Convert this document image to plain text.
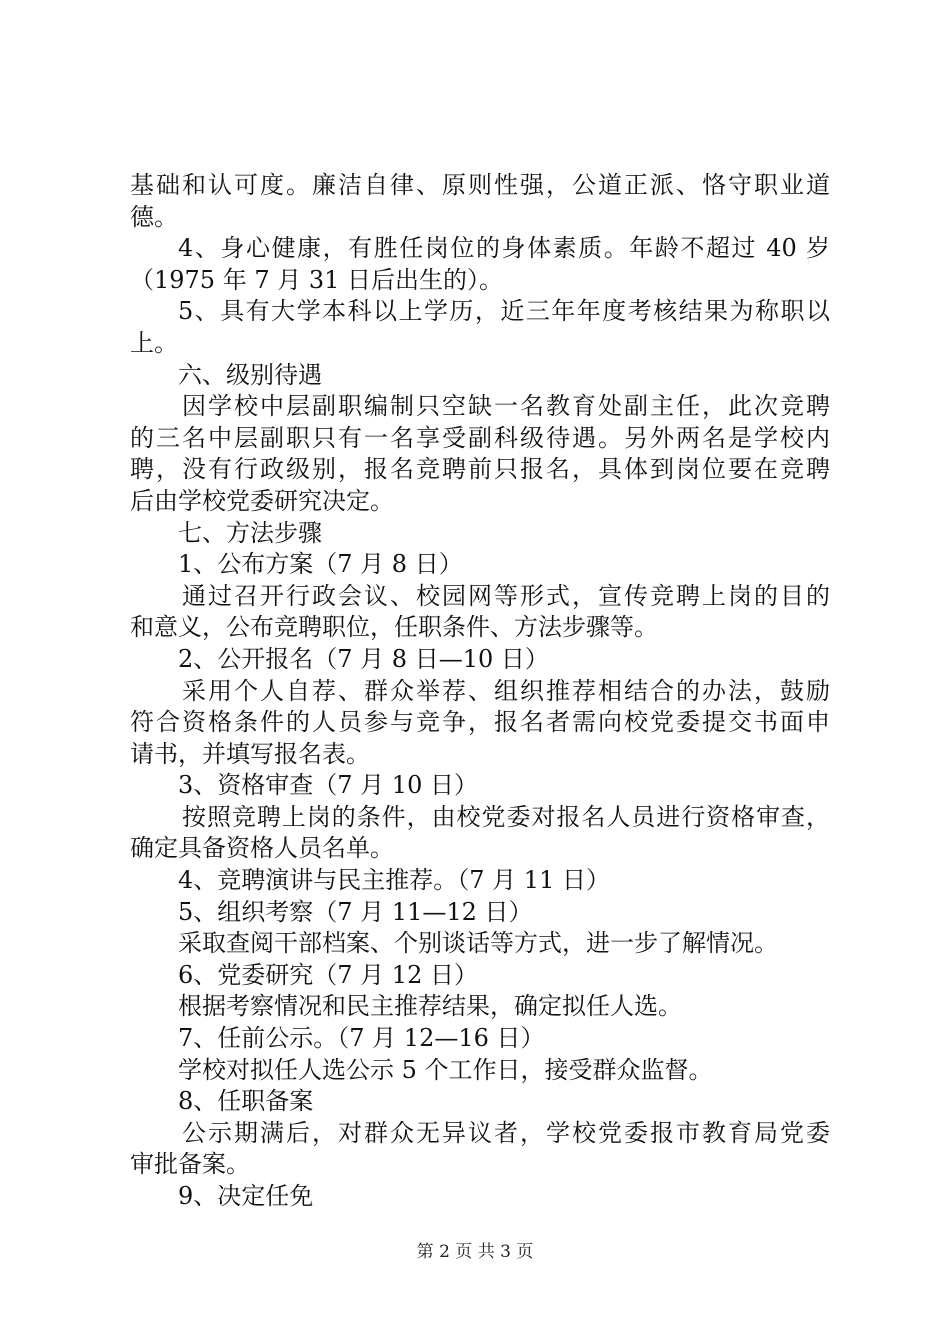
基础和认可度。廉洁自律、原则性强，公道正派、恪守职业道
德。
4、身心健康，有胜任岗位的身体素质。年龄不超过 40 岁
（1975 年 7 月 31 日后出生的）。
5、具有大学本科以上学历，近三年年度考核结果为称职以
上。
六、级别待遇
因学校中层副职编制只空缺一名教育处副主任，此次竞聘
的三名中层副职只有一名享受副科级待遇。另外两名是学校内
聘，没有行政级别，报名竞聘前只报名，具体到岗位要在竞聘
后由学校党委研究决定。
七、方法步骤
1、公布方案（7 月 8 日）
通过召开行政会议、校园网等形式，宣传竞聘上岗的目的
和意义，公布竞聘职位，任职条件、方法步骤等。
2、公开报名（7 月 8 日—10 日）
采用个人自荐、群众举荐、组织推荐相结合的办法，鼓励
符合资格条件的人员参与竞争，报名者需向校党委提交书面申
请书，并填写报名表。
3、资格审查（7 月 10 日）
按照竞聘上岗的条件，由校党委对报名人员进行资格审查，
确定具备资格人员名单。
4、竞聘演讲与民主推荐。（7 月 11 日）
5、组织考察（7 月 11—12 日）
采取查阅干部档案、个别谈话等方式，进一步了解情况。
6、党委研究（7 月 12 日）
根据考察情况和民主推荐结果，确定拟任人选。
7、任前公示。（7 月 12—16 日）
学校对拟任人选公示 5 个工作日，接受群众监督。
8、任职备案
公示期满后，对群众无异议者，学校党委报市教育局党委
审批备案。
9、决定任免
第 2 页 共 3 页
